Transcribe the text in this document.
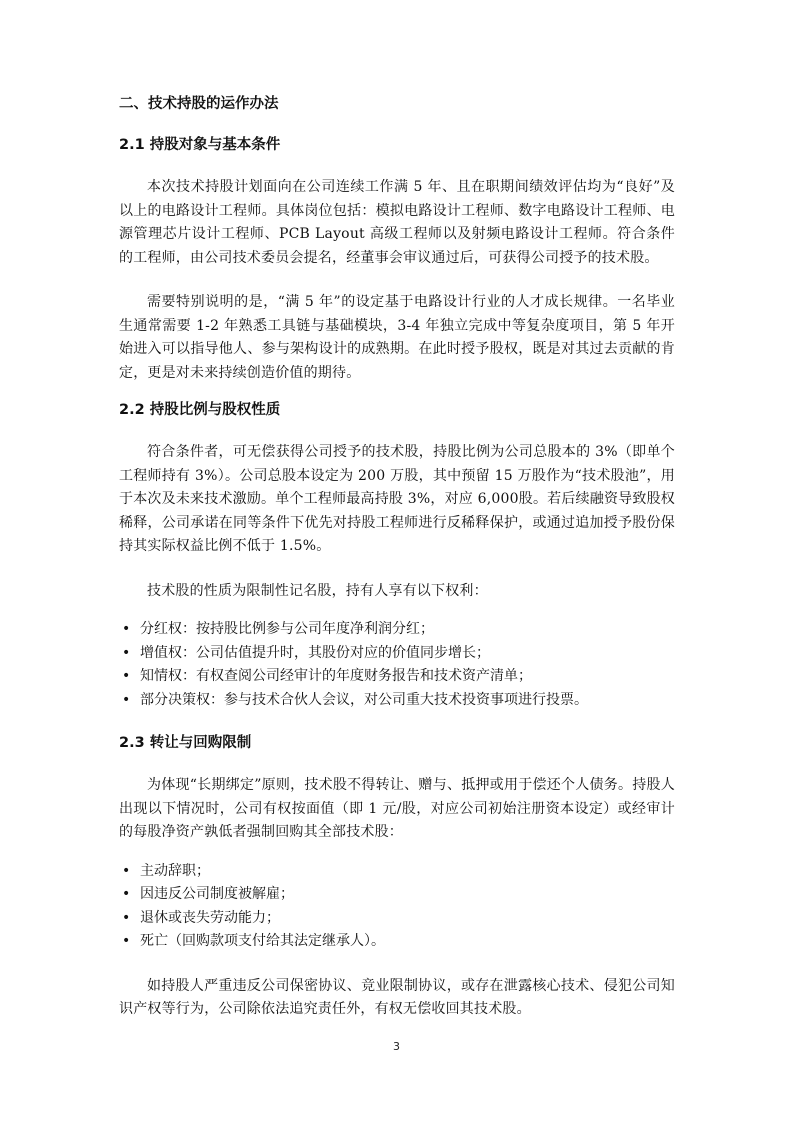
二、技术持股的运作办法
2.1 持股对象与基本条件

本次技术持股计划面向在公司连续工作满 5 年、且在职期间绩效评估均为“良好”及以上的电路设计工程师。具体岗位包括：模拟电路设计工程师、数字电路设计工程师、电源管理芯片设计工程师、PCB Layout 高级工程师以及射频电路设计工程师。符合条件的工程师，由公司技术委员会提名，经董事会审议通过后，可获得公司授予的技术股。

需要特别说明的是，“满 5 年”的设定基于电路设计行业的人才成长规律。一名毕业生通常需要 1-2 年熟悉工具链与基础模块，3-4 年独立完成中等复杂度项目，第 5 年开始进入可以指导他人、参与架构设计的成熟期。在此时授予股权，既是对其过去贡献的肯定，更是对未来持续创造价值的期待。

2.2 持股比例与股权性质

符合条件者，可无偿获得公司授予的技术股，持股比例为公司总股本的 3%（即单个工程师持有 3%）。公司总股本设定为 200 万股，其中预留 15 万股作为“技术股池”，用于本次及未来技术激励。单个工程师最高持股 3%，对应 6,000股。若后续融资导致股权稀释，公司承诺在同等条件下优先对持股工程师进行反稀释保护，或通过追加授予股份保持其实际权益比例不低于 1.5%。

技术股的性质为限制性记名股，持有人享有以下权利：

• 分红权：按持股比例参与公司年度净利润分红；
• 增值权：公司估值提升时，其股份对应的价值同步增长；
• 知情权：有权查阅公司经审计的年度财务报告和技术资产清单；
• 部分决策权：参与技术合伙人会议，对公司重大技术投资事项进行投票。
2.3 转让与回购限制

为体现“长期绑定”原则，技术股不得转让、赠与、抵押或用于偿还个人债务。持股人出现以下情况时，公司有权按面值（即 1 元/股，对应公司初始注册资本设定）或经审计的每股净资产孰低者强制回购其全部技术股：

• 主动辞职；
• 因违反公司制度被解雇；
• 退休或丧失劳动能力；
• 死亡（回购款项支付给其法定继承人）。

如持股人严重违反公司保密协议、竞业限制协议，或存在泄露核心技术、侵犯公司知识产权等行为，公司除依法追究责任外，有权无偿收回其技术股。

3
